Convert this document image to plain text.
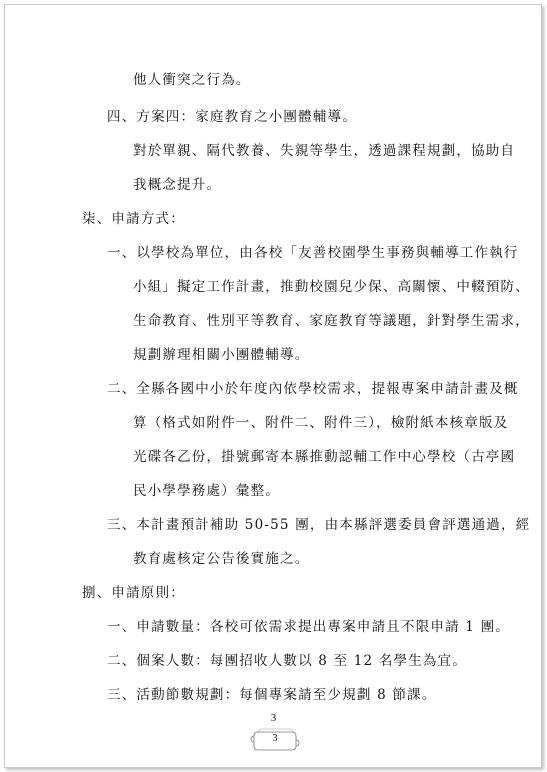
他人衝突之行為。
四、方案四：家庭教育之小團體輔導。
對於單親、隔代教養、失親等學生，透過課程規劃，協助自
我概念提升。
柒、申請方式：
一、以學校為單位，由各校「友善校園學生事務與輔導工作執行
小組」擬定工作計畫，推動校園兒少保、高關懷、中輟預防、
生命教育、性別平等教育、家庭教育等議題，針對學生需求，
規劃辦理相關小團體輔導。
二、全縣各國中小於年度內依學校需求，提報專案申請計畫及概
算（格式如附件一、附件二、附件三），檢附紙本核章版及
光碟各乙份，掛號郵寄本縣推動認輔工作中心學校（古亭國
民小學學務處）彙整。
三、本計畫預計補助 50-55 團，由本縣評選委員會評選通過，經
教育處核定公告後實施之。
捌、申請原則：
一、申請數量：各校可依需求提出專案申請且不限申請 1 團。
二、個案人數：每團招收人數以 8 至 12 名學生為宜。
三、活動節數規劃：每個專案請至少規劃 8 節課。
3
3
